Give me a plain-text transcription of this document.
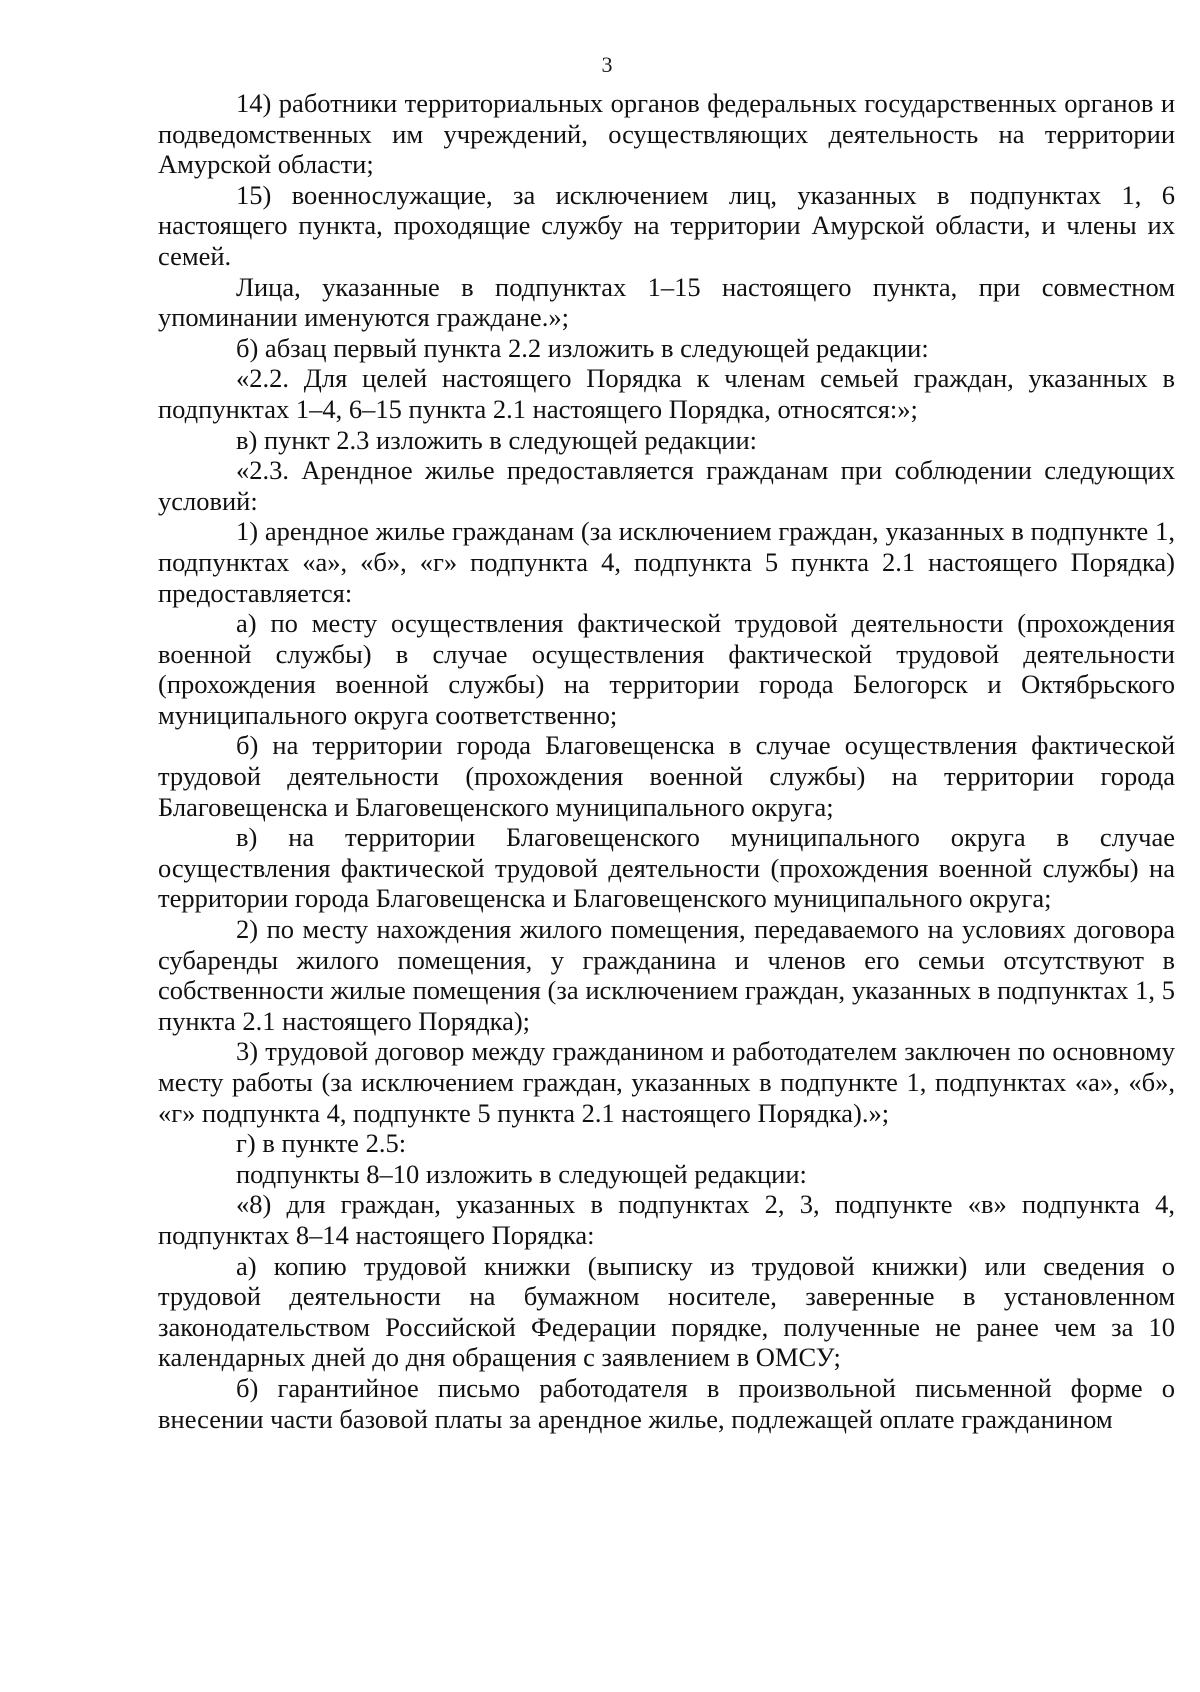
3

14) работники территориальных органов федеральных государственных органов и подведомственных им учреждений, осуществляющих деятельность на территории Амурской области;

15) военнослужащие, за исключением лиц, указанных в подпунктах 1, 6 настоящего пункта, проходящие службу на территории Амурской области, и члены их семей.

Лица, указанные в подпунктах 1–15 настоящего пункта, при совместном упоминании именуются граждане.»;

б) абзац первый пункта 2.2 изложить в следующей редакции:

«2.2. Для целей настоящего Порядка к членам семьей граждан, указанных в подпунктах 1–4, 6–15 пункта 2.1 настоящего Порядка, относятся:»;

в) пункт 2.3 изложить в следующей редакции:

«2.3. Арендное жилье предоставляется гражданам при соблюдении следующих условий:

1) арендное жилье гражданам (за исключением граждан, указанных в подпункте 1, подпунктах «а», «б», «г» подпункта 4, подпункта 5 пункта 2.1 настоящего Порядка) предоставляется:

а) по месту осуществления фактической трудовой деятельности (прохождения военной службы) в случае осуществления фактической трудовой деятельности (прохождения военной службы) на территории города Белогорск и Октябрьского муниципального округа соответственно;

б) на территории города Благовещенска в случае осуществления фактической трудовой деятельности (прохождения военной службы) на территории города Благовещенска и Благовещенского муниципального округа;

в) на территории Благовещенского муниципального округа в случае осуществления фактической трудовой деятельности (прохождения военной службы) на территории города Благовещенска и Благовещенского муниципального округа;

2) по месту нахождения жилого помещения, передаваемого на условиях договора субаренды жилого помещения, у гражданина и членов его семьи отсутствуют в собственности жилые помещения (за исключением граждан, указанных в подпунктах 1, 5 пункта 2.1 настоящего Порядка);

3) трудовой договор между гражданином и работодателем заключен по основному месту работы (за исключением граждан, указанных в подпункте 1, подпунктах «а», «б», «г» подпункта 4, подпункте 5 пункта 2.1 настоящего Порядка).»;

г) в пункте 2.5:

подпункты 8–10 изложить в следующей редакции:

«8) для граждан, указанных в подпунктах 2, 3, подпункте «в» подпункта 4, подпунктах 8–14 настоящего Порядка:

а) копию трудовой книжки (выписку из трудовой книжки) или сведения о трудовой деятельности на бумажном носителе, заверенные в установленном законодательством Российской Федерации порядке, полученные не ранее чем за 10 календарных дней до дня обращения с заявлением в ОМСУ;

б) гарантийное письмо работодателя в произвольной письменной форме о внесении части базовой платы за арендное жилье, подлежащей оплате гражданином
